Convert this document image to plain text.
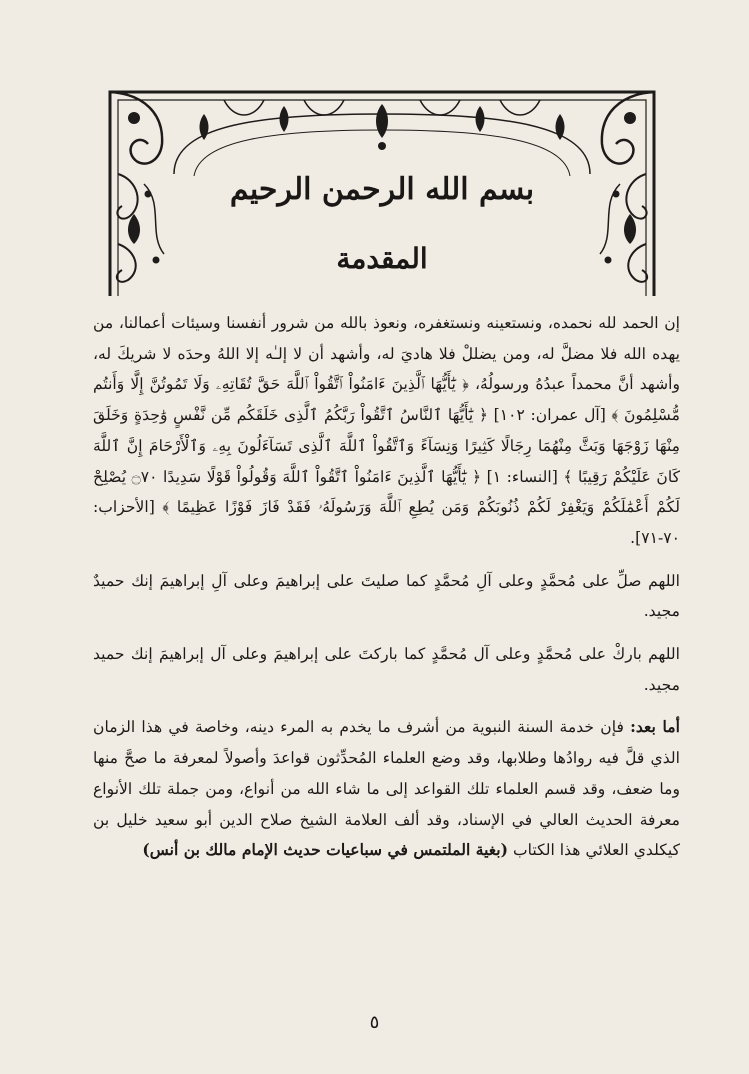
بسم الله الرحمن الرحيم
المقدمة

إن الحمد لله نحمده، ونستعينه ونستغفره، ونعوذ بالله من شرور أنفسنا وسيئات أعمالنا، من يهده الله فلا مضلَّ له، ومن يضللْ فلا هاديَ له، وأشهد أن لا إلـٰه إلا اللهُ وحدَه لا شريكَ له، وأشهد أنَّ محمداً عبدُهُ ورسولُهُ، ﴿ يَٰٓأَيُّهَا ٱلَّذِينَ ءَامَنُواْ ٱتَّقُواْ ٱللَّهَ حَقَّ تُقَاتِهِۦ وَلَا تَمُوتُنَّ إِلَّا وَأَنتُم مُّسْلِمُونَ ﴾ [آل عمران: ١٠٢] ﴿ يَٰٓأَيُّهَا ٱلنَّاسُ ٱتَّقُواْ رَبَّكُمُ ٱلَّذِى خَلَقَكُم مِّن نَّفْسٍ وَٰحِدَةٍ وَخَلَقَ مِنْهَا زَوْجَهَا وَبَثَّ مِنْهُمَا رِجَالًا كَثِيرًا وَنِسَآءً وَٱتَّقُواْ ٱللَّهَ ٱلَّذِى تَسَآءَلُونَ بِهِۦ وَٱلْأَرْحَامَ إِنَّ ٱللَّهَ كَانَ عَلَيْكُمْ رَقِيبًا ﴾ [النساء: ١] ﴿ يَٰٓأَيُّهَا ٱلَّذِينَ ءَامَنُواْ ٱتَّقُواْ ٱللَّهَ وَقُولُواْ قَوْلًا سَدِيدًا ۝٧٠ يُصْلِحْ لَكُمْ أَعْمَٰلَكُمْ وَيَغْفِرْ لَكُمْ ذُنُوبَكُمْ وَمَن يُطِعِ ٱللَّهَ وَرَسُولَهُۥ فَقَدْ فَازَ فَوْزًا عَظِيمًا ﴾ [الأحزاب: ٧٠-٧١].

اللهم صلِّ على مُحمَّدٍ وعلى آلِ مُحمَّدٍ كما صليتَ على إبراهيمَ وعلى آلِ إبراهيمَ إنك حميدٌ مجيد.

اللهم باركْ على مُحمَّدٍ وعلى آل مُحمَّدٍ كما باركتَ على إبراهيمَ وعلى آل إبراهيمَ إنك حميد مجيد.

أما بعد: فإن خدمة السنة النبوية من أشرف ما يخدم به المرء دينه، وخاصة في هذا الزمان الذي قلَّ فيه روادُها وطلابها، وقد وضع العلماء المُحدِّثون قواعدَ وأصولاً لمعرفة ما صحَّ منها وما ضعف، وقد قسم العلماء تلك القواعد إلى ما شاء الله من أنواع، ومن جملة تلك الأنواع معرفة الحديث العالي في الإسناد، وقد ألف العلامة الشيخ صلاح الدين أبو سعيد خليل بن كيكلدي العلائي هذا الكتاب (بغية الملتمس في سباعيات حديث الإمام مالك بن أنس)

٥
